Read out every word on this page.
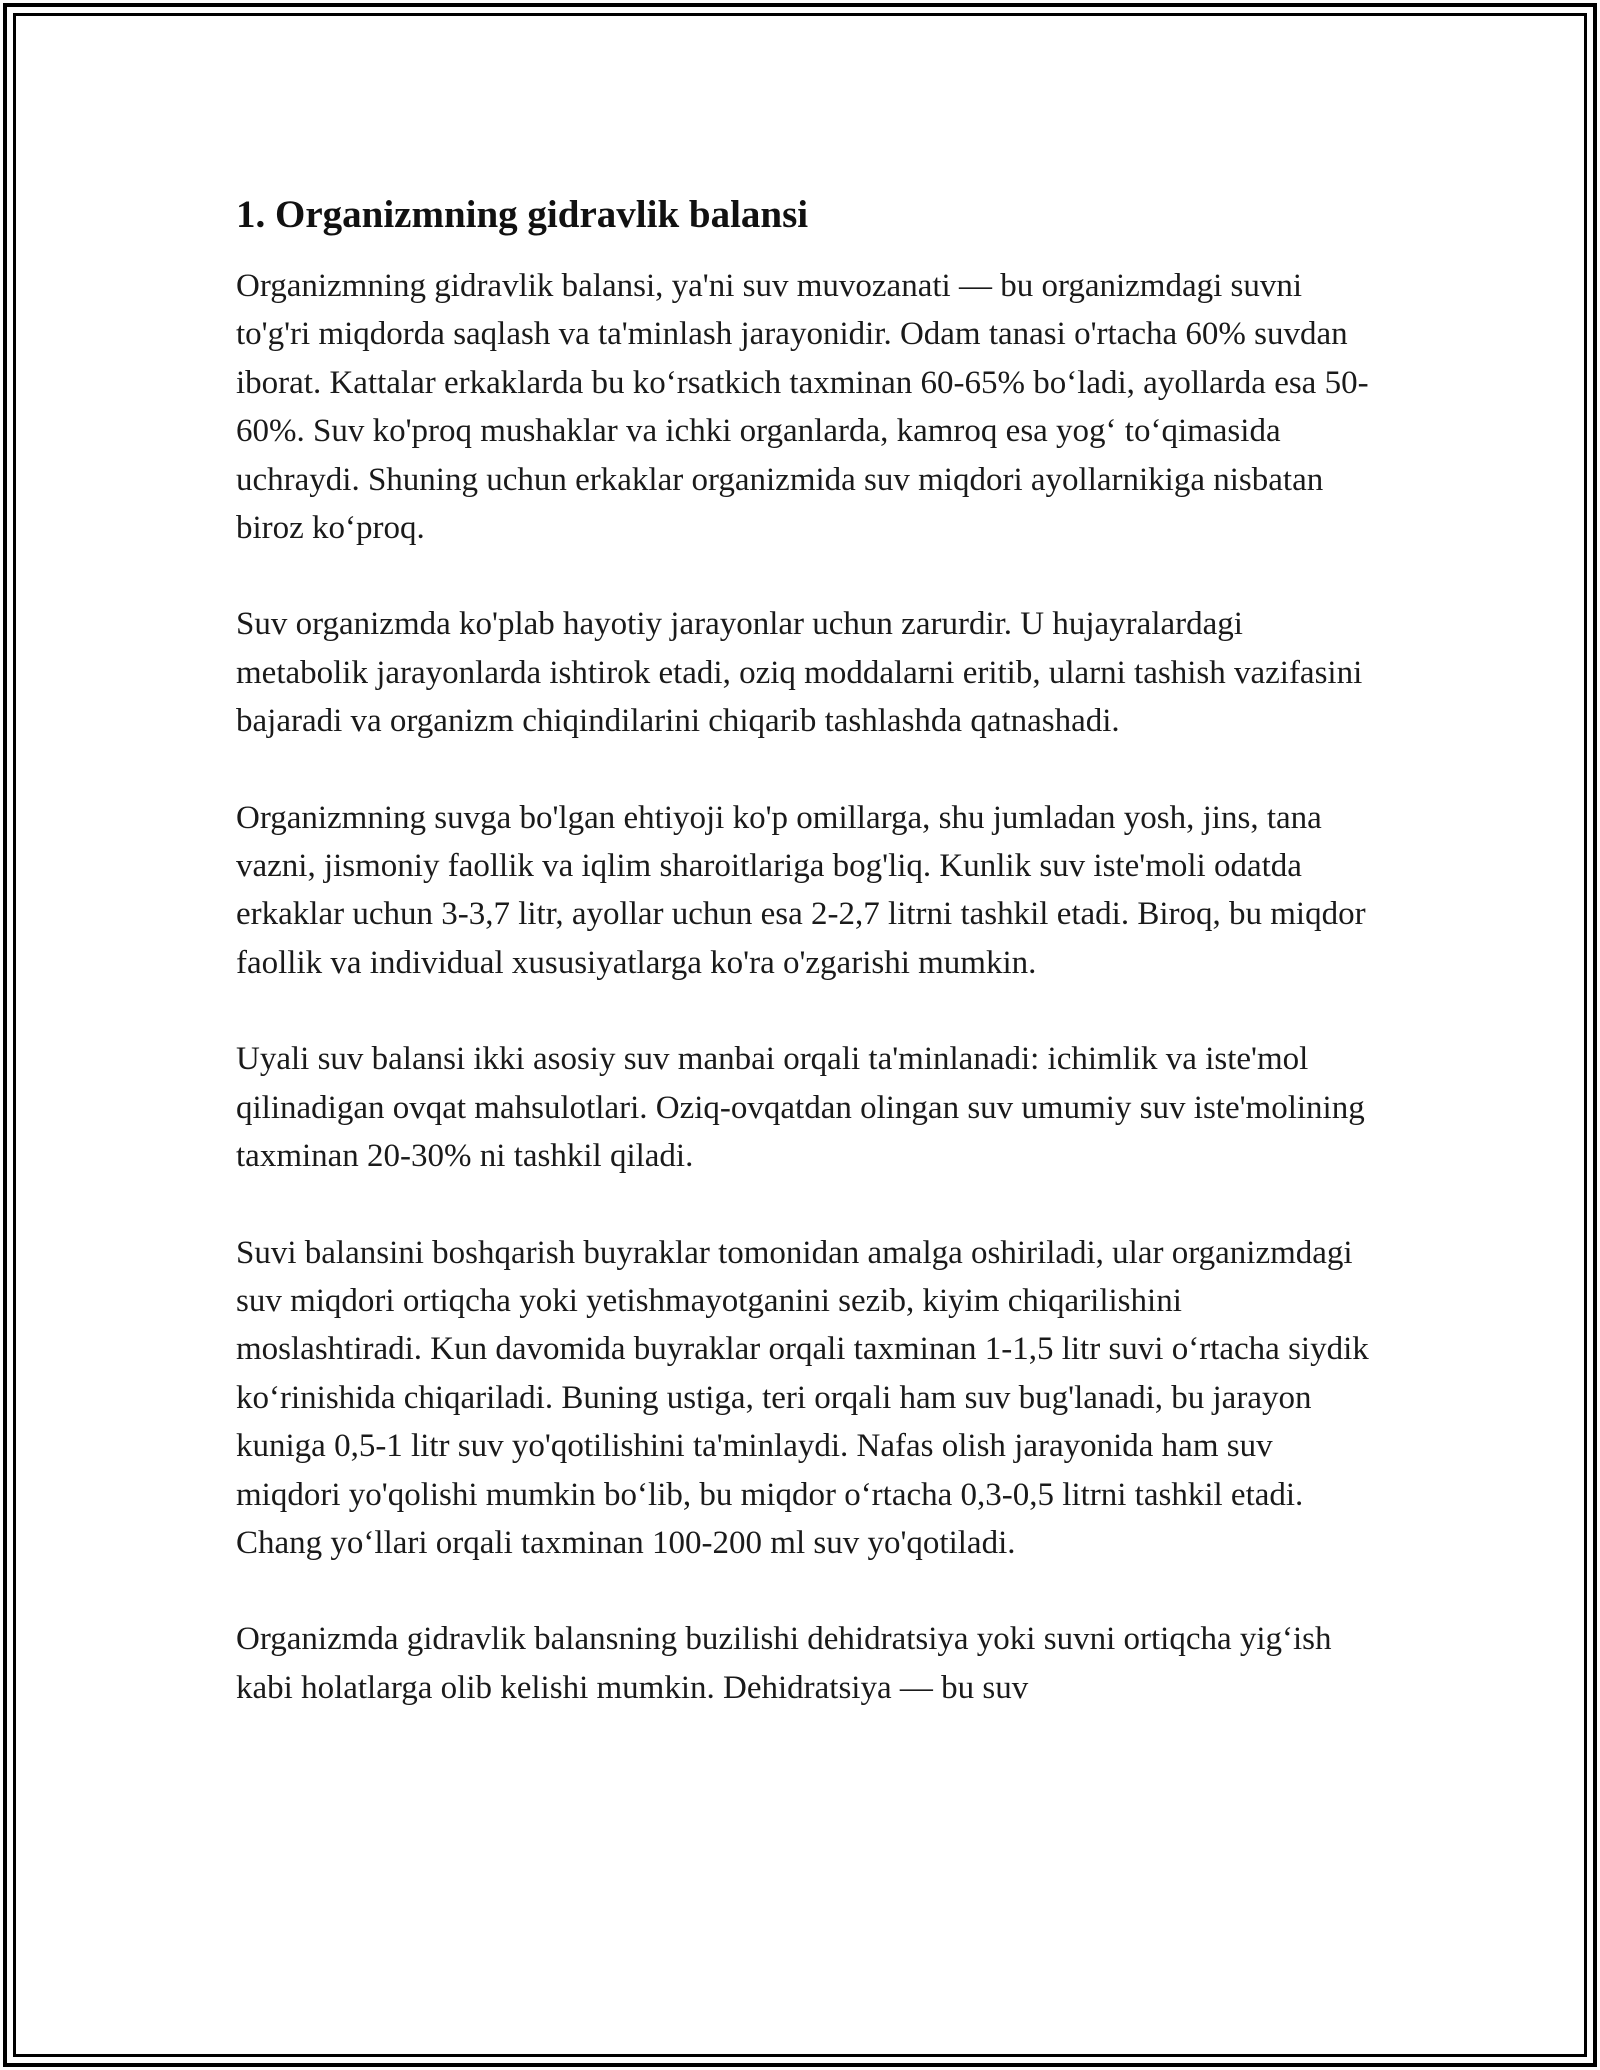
1. Organizmning gidravlik balansi

Organizmning gidravlik balansi, ya'ni suv muvozanati — bu organizmdagi suvni to'g'ri miqdorda saqlash va ta'minlash jarayonidir. Odam tanasi o'rtacha 60% suvdan iborat. Kattalar erkaklarda bu koʻrsatkich taxminan 60-65% boʻladi, ayollarda esa 50-60%. Suv ko'proq mushaklar va ichki organlarda, kamroq esa yogʻ toʻqimasida uchraydi. Shuning uchun erkaklar organizmida suv miqdori ayollarnikiga nisbatan biroz koʻproq.

Suv organizmda ko'plab hayotiy jarayonlar uchun zarurdir. U hujayralardagi metabolik jarayonlarda ishtirok etadi, oziq moddalarni eritib, ularni tashish vazifasini bajaradi va organizm chiqindilarini chiqarib tashlashda qatnashadi.

Organizmning suvga bo'lgan ehtiyoji ko'p omillarga, shu jumladan yosh, jins, tana vazni, jismoniy faollik va iqlim sharoitlariga bog'liq. Kunlik suv iste'moli odatda erkaklar uchun 3-3,7 litr, ayollar uchun esa 2-2,7 litrni tashkil etadi. Biroq, bu miqdor faollik va individual xususiyatlarga ko'ra o'zgarishi mumkin.

Uyali suv balansi ikki asosiy suv manbai orqali ta'minlanadi: ichimlik va iste'mol qilinadigan ovqat mahsulotlari. Oziq-ovqatdan olingan suv umumiy suv iste'molining taxminan 20-30% ni tashkil qiladi.

Suvi balansini boshqarish buyraklar tomonidan amalga oshiriladi, ular organizmdagi suv miqdori ortiqcha yoki yetishmayotganini sezib, kiyim chiqarilishini moslashtiradi. Kun davomida buyraklar orqali taxminan 1-1,5 litr suvi oʻrtacha siydik koʻrinishida chiqariladi. Buning ustiga, teri orqali ham suv bug'lanadi, bu jarayon kuniga 0,5-1 litr suv yo'qotilishini ta'minlaydi. Nafas olish jarayonida ham suv miqdori yo'qolishi mumkin boʻlib, bu miqdor oʻrtacha 0,3-0,5 litrni tashkil etadi. Chang yoʻllari orqali taxminan 100-200 ml suv yo'qotiladi.

Organizmda gidravlik balansning buzilishi dehidratsiya yoki suvni ortiqcha yigʻish kabi holatlarga olib kelishi mumkin. Dehidratsiya — bu suv
